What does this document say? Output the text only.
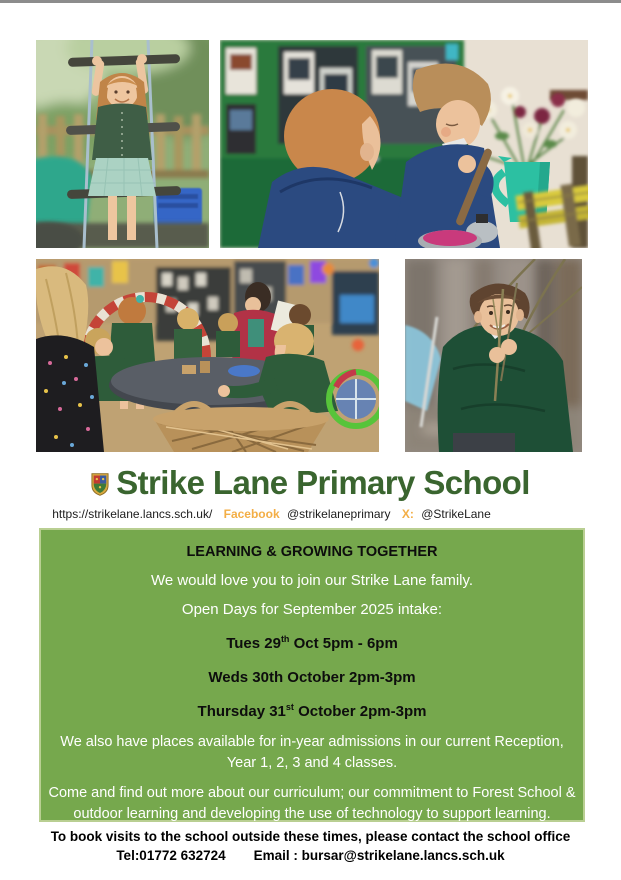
Strike Lane Primary School
https://strikelane.lancs.sch.uk/ Facebook @strikelaneprimary X: @StrikeLane
LEARNING & GROWING TOGETHER
We would love you to join our Strike Lane family.
Open Days for September 2025 intake:
Tues 29th Oct 5pm - 6pm
Weds 30th October 2pm-3pm
Thursday 31st October 2pm-3pm
We also have places available for in-year admissions in our current Reception, Year 1, 2, 3 and 4 classes.
Come and find out more about our curriculum; our commitment to Forest School & outdoor learning and developing the use of technology to support learning.
To book visits to the school outside these times, please contact the school office
Tel:01772 632724 Email : bursar@strikelane.lancs.sch.uk
